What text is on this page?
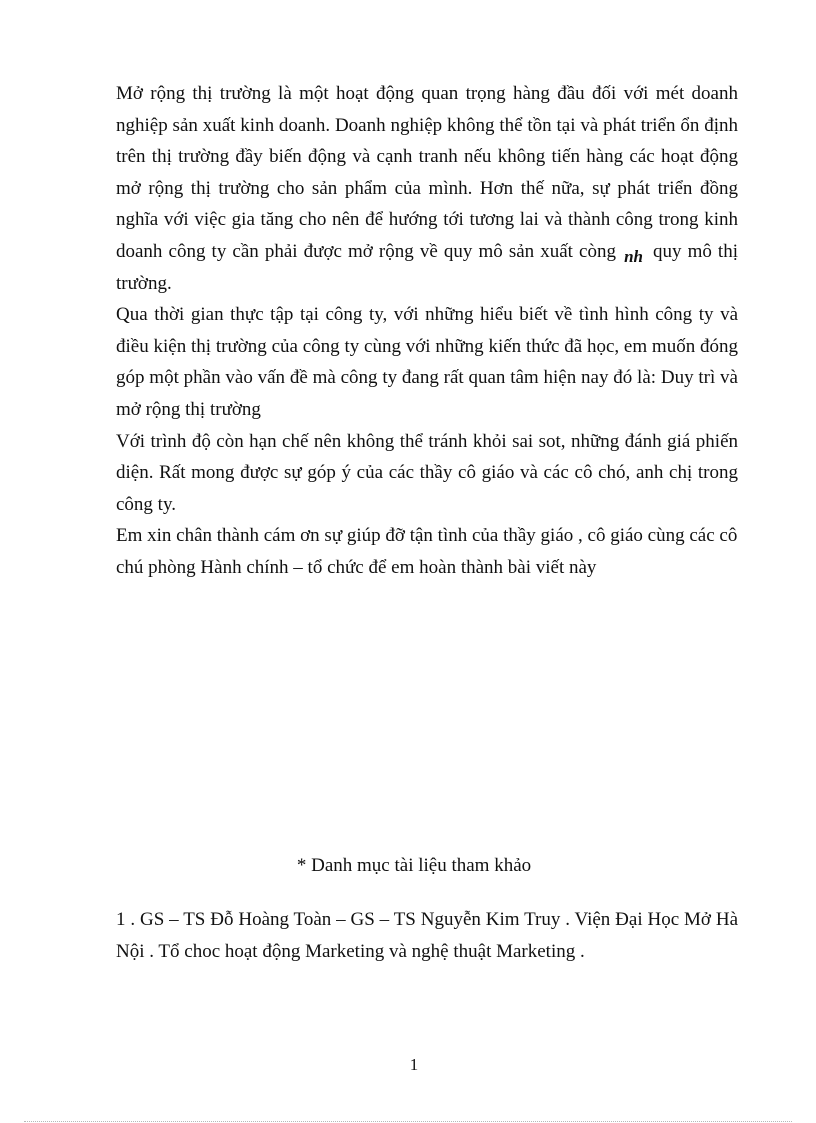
Mở rộng thị trường là một hoạt động quan trọng hàng đầu đối với mét doanh nghiệp sản xuất kinh doanh. Doanh nghiệp không thể tồn tại và phát triển ổn định trên thị trường đầy biến động và cạnh tranh nếu không tiến hàng các hoạt động mở rộng thị trường cho sản phẩm của mình. Hơn thế nữa, sự phát triển đồng nghĩa với việc gia tăng cho nên để hướng tới tương lai và thành công trong kinh doanh công ty cần phải được mở rộng về quy mô sản xuất còng nh quy mô thị trường.

Qua thời gian thực tập tại công ty, với những hiểu biết về tình hình công ty và điều kiện thị trường của công ty cùng với những kiến thức đã học, em muốn đóng góp một phần vào vấn đề mà công ty đang rất quan tâm hiện nay đó là: Duy trì và mở rộng thị trường

Với trình độ còn hạn chế nên không thể tránh khỏi sai sot, những đánh giá phiến diện. Rất mong được sự góp ý của các thầy cô giáo và các cô chó, anh chị trong công ty.

Em xin chân thành cám ơn sự giúp đỡ tận tình của thầy giáo , cô giáo cùng các cô chú phòng Hành chính – tổ chức để em hoàn thành bài viết này

* Danh mục tài liệu tham khảo
1 . GS – TS Đỗ Hoàng Toàn – GS – TS Nguyễn Kim Truy . Viện Đại Học Mở Hà Nội . Tổ choc hoạt động Marketing và nghệ thuật Marketing .
1
